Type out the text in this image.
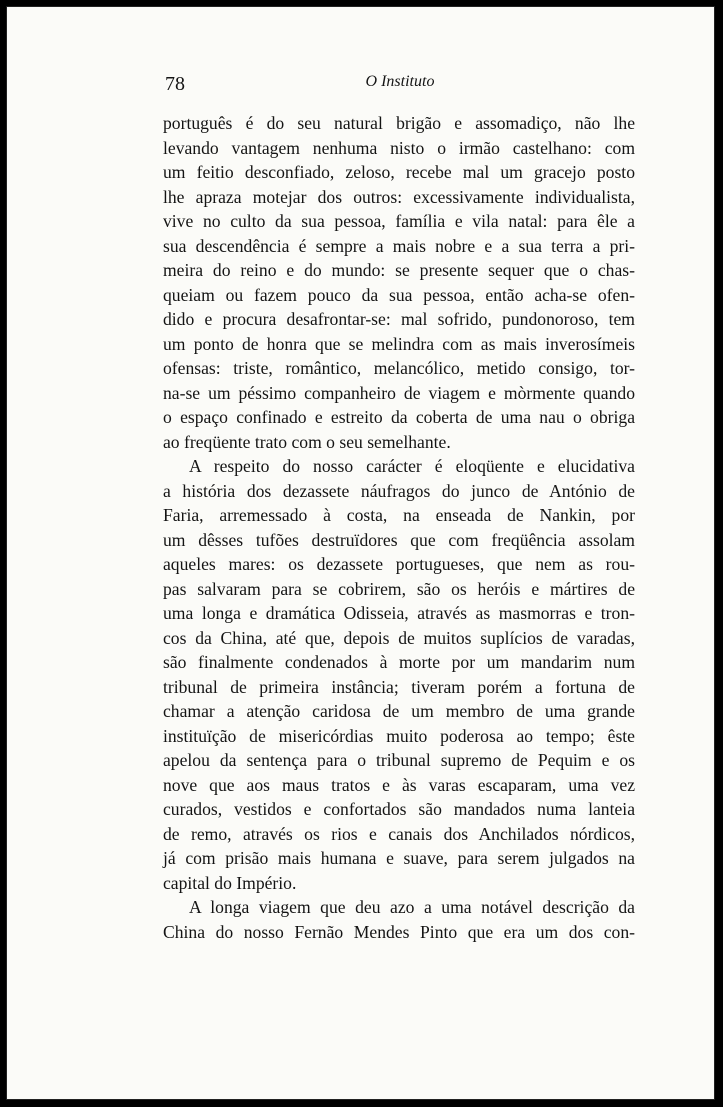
78	O Instituto
português é do seu natural brigão e assomadiço, não lhe
levando vantagem nenhuma nisto o irmão castelhano: com
um feitio desconfiado, zeloso, recebe mal um gracejo posto
lhe apraza motejar dos outros: excessivamente individualista,
vive no culto da sua pessoa, família e vila natal: para êle a
sua descendência é sempre a mais nobre e a sua terra a pri-
meira do reino e do mundo: se presente sequer que o chas-
queiam ou fazem pouco da sua pessoa, então acha-se ofen-
dido e procura desafrontar-se: mal sofrido, pundonoroso, tem
um ponto de honra que se melindra com as mais inverosímeis
ofensas: triste, romântico, melancólico, metido consigo, tor-
na-se um péssimo companheiro de viagem e mòrmente quando
o espaço confinado e estreito da coberta de uma nau o obriga
ao freqüente trato com o seu semelhante.
A respeito do nosso carácter é eloqüente e elucidativa
a história dos dezassete náufragos do junco de António de
Faria, arremessado à costa, na enseada de Nankin, por
um dêsses tufões destruïdores que com freqüência assolam
aqueles mares: os dezassete portugueses, que nem as rou-
pas salvaram para se cobrirem, são os heróis e mártires de
uma longa e dramática Odisseia, através as masmorras e tron-
cos da China, até que, depois de muitos suplícios de varadas,
são finalmente condenados à morte por um mandarim num
tribunal de primeira instância; tiveram porém a fortuna de
chamar a atenção caridosa de um membro de uma grande
instituïção de misericórdias muito poderosa ao tempo; êste
apelou da sentença para o tribunal supremo de Pequim e os
nove que aos maus tratos e às varas escaparam, uma vez
curados, vestidos e confortados são mandados numa lanteia
de remo, através os rios e canais dos Anchilados nórdicos,
já com prisão mais humana e suave, para serem julgados na
capital do Império.
A longa viagem que deu azo a uma notável descrição da
China do nosso Fernão Mendes Pinto que era um dos con-
